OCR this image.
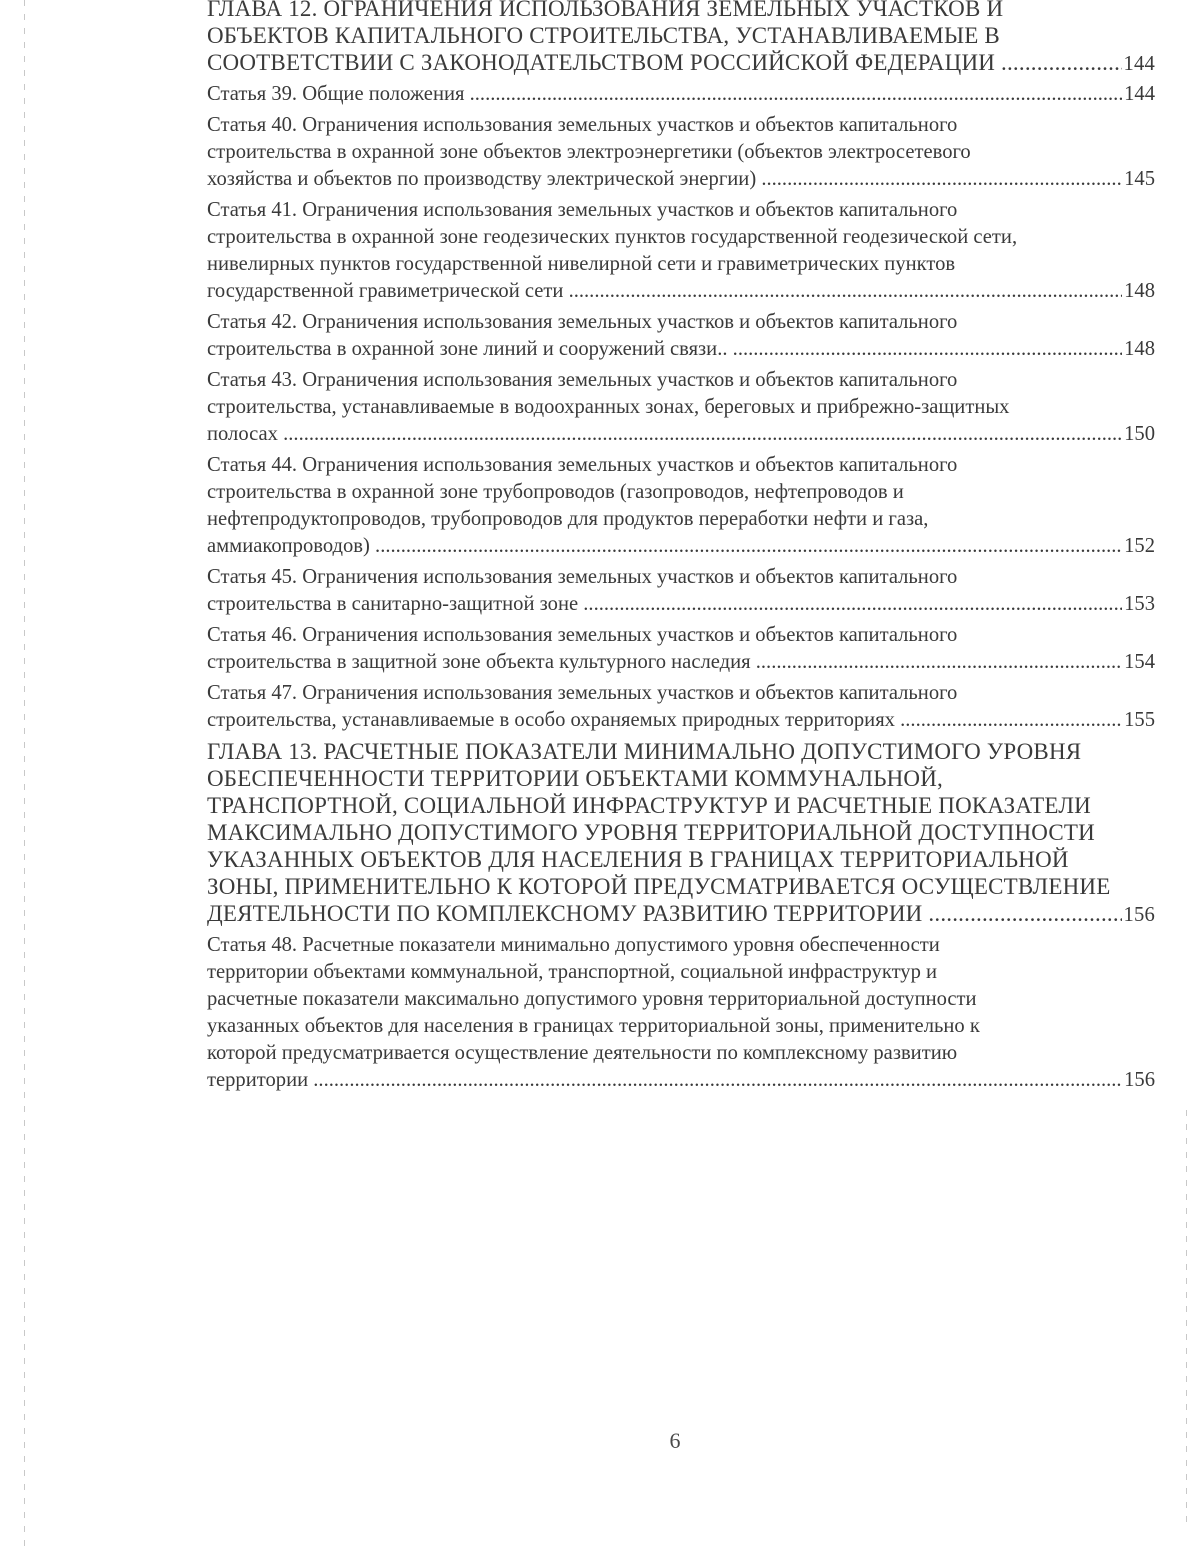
ГЛАВА 12. ОГРАНИЧЕНИЯ ИСПОЛЬЗОВАНИЯ ЗЕМЕЛЬНЫХ УЧАСТКОВ И
ОБЪЕКТОВ КАПИТАЛЬНОГО СТРОИТЕЛЬСТВА, УСТАНАВЛИВАЕМЫЕ В
СООТВЕТСТВИИ С ЗАКОНОДАТЕЛЬСТВОМ РОССИЙСКОЙ ФЕДЕРАЦИИ .....	144
Статья 39. Общие положения .....	144
Статья 40. Ограничения использования земельных участков и объектов капитального
строительства в охранной зоне объектов электроэнергетики (объектов электросетевого
хозяйства и объектов по производству электрической энергии) .....	145
Статья 41. Ограничения использования земельных участков и объектов капитального
строительства в охранной зоне геодезических пунктов государственной геодезической сети,
нивелирных пунктов государственной нивелирной сети и гравиметрических пунктов
государственной гравиметрической сети .....	148
Статья 42. Ограничения использования земельных участков и объектов капитального
строительства в охранной зоне линий и сооружений связи.. .....	148
Статья 43. Ограничения использования земельных участков и объектов капитального
строительства, устанавливаемые в водоохранных зонах, береговых и прибрежно-защитных
полосах .....	150
Статья 44. Ограничения использования земельных участков и объектов капитального
строительства в охранной зоне трубопроводов (газопроводов, нефтепроводов и
нефтепродуктопроводов, трубопроводов для продуктов переработки нефти и газа,
аммиакопроводов) .....	152
Статья 45. Ограничения использования земельных участков и объектов капитального
строительства в санитарно-защитной зоне .....	153
Статья 46. Ограничения использования земельных участков и объектов капитального
строительства в защитной зоне объекта культурного наследия .....	154
Статья 47. Ограничения использования земельных участков и объектов капитального
строительства, устанавливаемые в особо охраняемых природных территориях .....	155
ГЛАВА 13. РАСЧЕТНЫЕ ПОКАЗАТЕЛИ МИНИМАЛЬНО ДОПУСТИМОГО УРОВНЯ
ОБЕСПЕЧЕННОСТИ ТЕРРИТОРИИ ОБЪЕКТАМИ КОММУНАЛЬНОЙ,
ТРАНСПОРТНОЙ, СОЦИАЛЬНОЙ ИНФРАСТРУКТУР И РАСЧЕТНЫЕ ПОКАЗАТЕЛИ
МАКСИМАЛЬНО ДОПУСТИМОГО УРОВНЯ ТЕРРИТОРИАЛЬНОЙ ДОСТУПНОСТИ
УКАЗАННЫХ ОБЪЕКТОВ ДЛЯ НАСЕЛЕНИЯ В ГРАНИЦАХ ТЕРРИТОРИАЛЬНОЙ
ЗОНЫ, ПРИМЕНИТЕЛЬНО К КОТОРОЙ ПРЕДУСМАТРИВАЕТСЯ ОСУЩЕСТВЛЕНИЕ
ДЕЯТЕЛЬНОСТИ ПО КОМПЛЕКСНОМУ РАЗВИТИЮ ТЕРРИТОРИИ .....	156
Статья 48. Расчетные показатели минимально допустимого уровня обеспеченности
территории объектами коммунальной, транспортной, социальной инфраструктур и
расчетные показатели максимально допустимого уровня территориальной доступности
указанных объектов для населения в границах территориальной зоны, применительно к
которой предусматривается осуществление деятельности по комплексному развитию
территории .....	156
6
